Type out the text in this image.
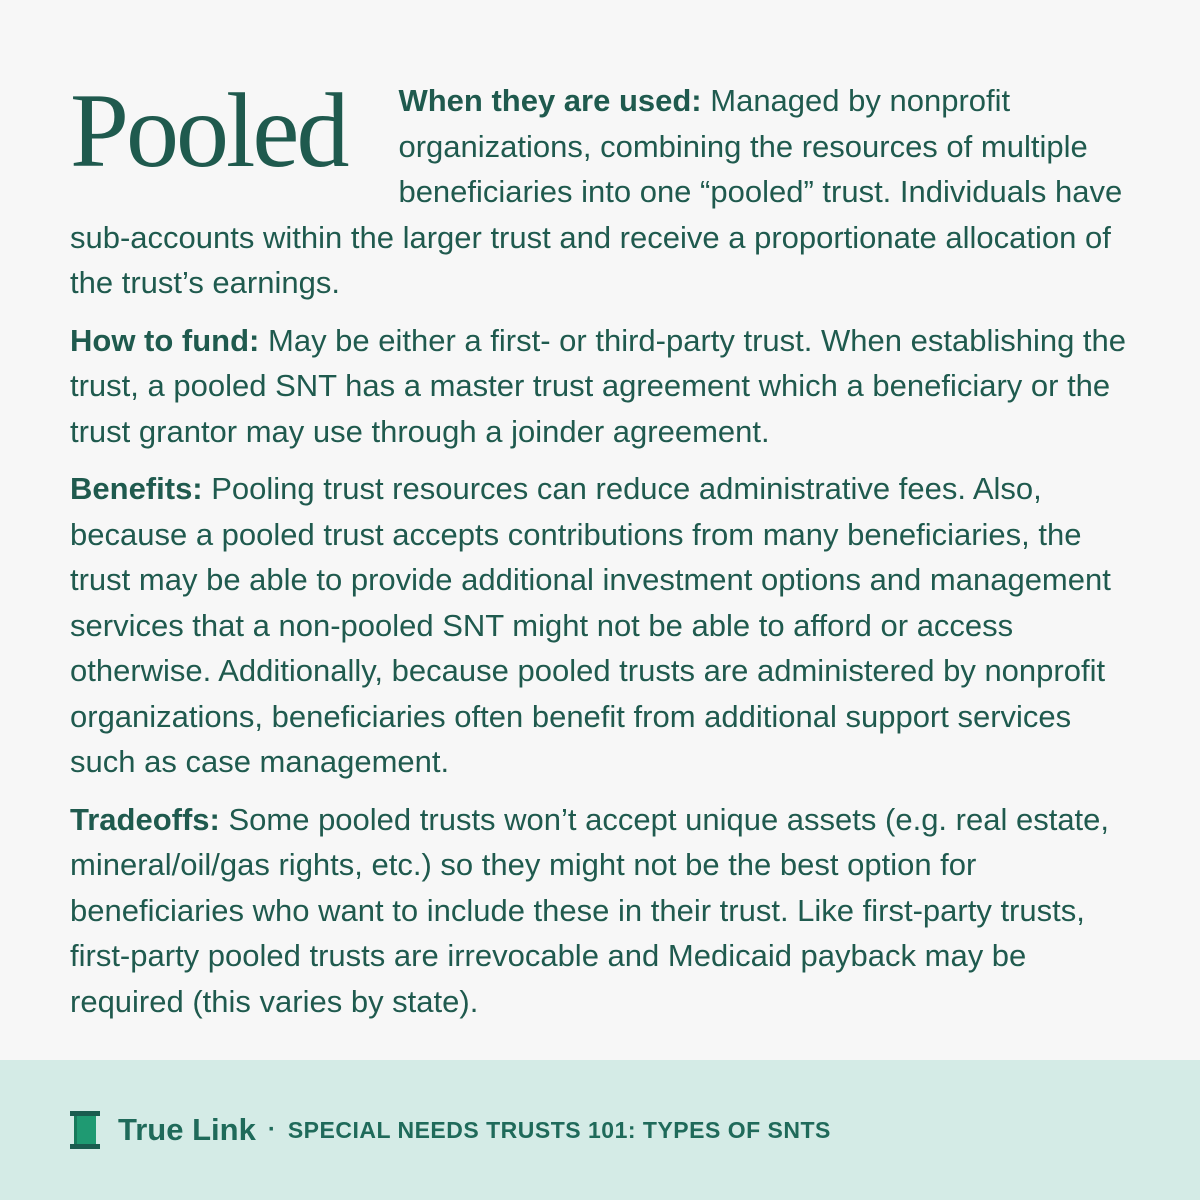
Pooled	When they are used: Managed by nonprofit organizations, combining the resources of multiple beneficiaries into one “pooled” trust. Individuals have sub-accounts within the larger trust and receive a proportionate allocation of the trust’s earnings.

How to fund: May be either a first- or third-party trust. When establishing the trust, a pooled SNT has a master trust agreement which a beneficiary or the trust grantor may use through a joinder agreement.

Benefits: Pooling trust resources can reduce administrative fees. Also, because a pooled trust accepts contributions from many beneficiaries, the trust may be able to provide additional investment options and management services that a non-pooled SNT might not be able to afford or access otherwise. Additionally, because pooled trusts are administered by nonprofit organizations, beneficiaries often benefit from additional support services such as case management.

Tradeoffs: Some pooled trusts won’t accept unique assets (e.g. real estate, mineral/oil/gas rights, etc.) so they might not be the best option for beneficiaries who want to include these in their trust. Like first-party trusts, first-party pooled trusts are irrevocable and Medicaid payback may be required (this varies by state).

True Link · SPECIAL NEEDS TRUSTS 101: TYPES OF SNTS
